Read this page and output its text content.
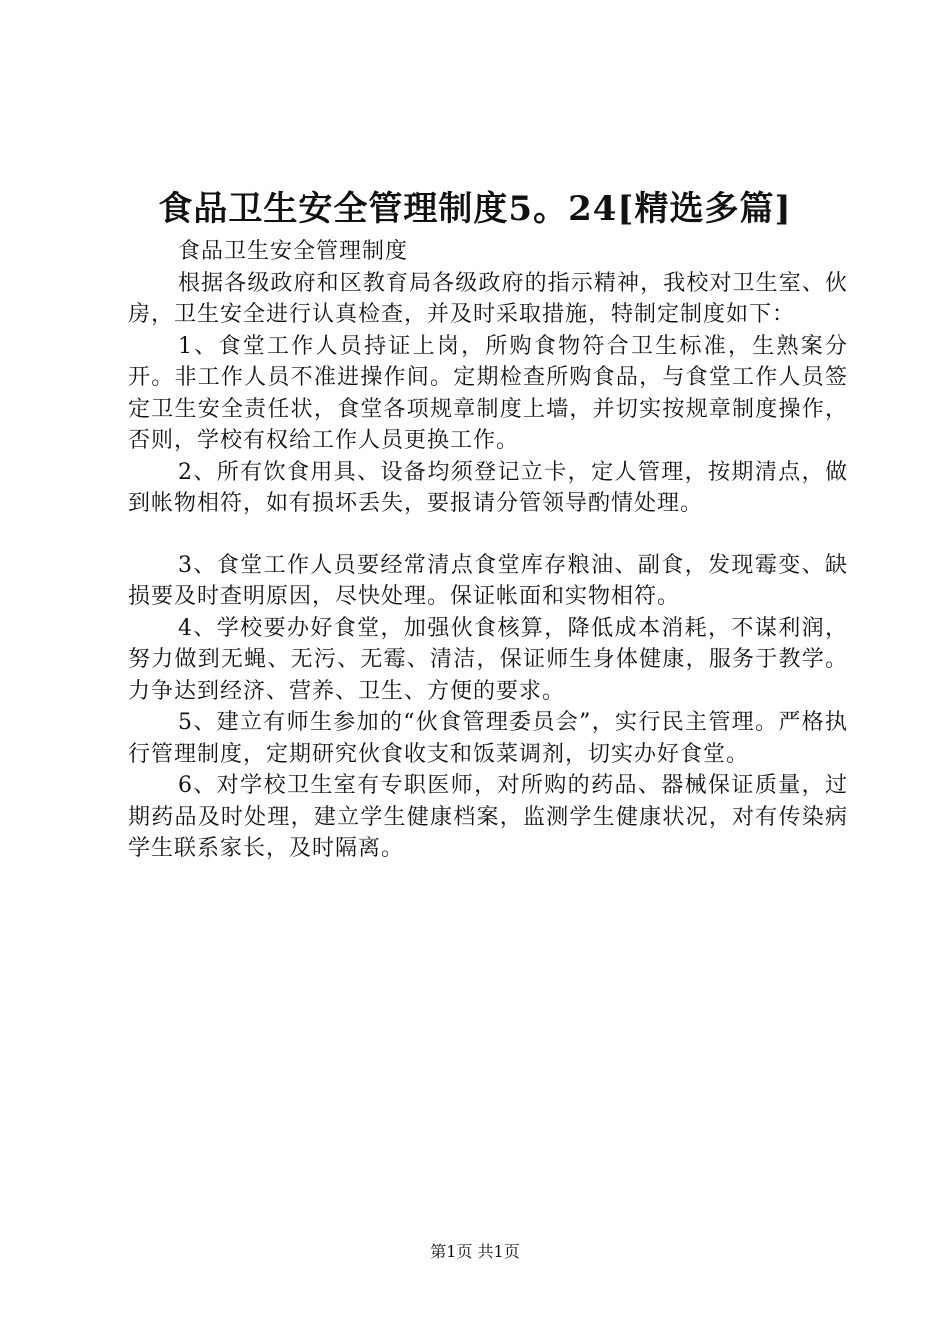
食品卫生安全管理制度5。24[精选多篇]

食品卫生安全管理制度

根据各级政府和区教育局各级政府的指示精神，我校对卫生室、伙房，卫生安全进行认真检查，并及时采取措施，特制定制度如下：

1、食堂工作人员持证上岗，所购食物符合卫生标准，生熟案分开。非工作人员不准进操作间。定期检查所购食品，与食堂工作人员签定卫生安全责任状，食堂各项规章制度上墙，并切实按规章制度操作，否则，学校有权给工作人员更换工作。

2、所有饮食用具、设备均须登记立卡，定人管理，按期清点，做到帐物相符，如有损坏丢失，要报请分管领导酌情处理。

3、食堂工作人员要经常清点食堂库存粮油、副食，发现霉变、缺损要及时查明原因，尽快处理。保证帐面和实物相符。

4、学校要办好食堂，加强伙食核算，降低成本消耗，不谋利润，努力做到无蝇、无污、无霉、清洁，保证师生身体健康，服务于教学。力争达到经济、营养、卫生、方便的要求。

5、建立有师生参加的“伙食管理委员会”，实行民主管理。严格执行管理制度，定期研究伙食收支和饭菜调剂，切实办好食堂。

6、对学校卫生室有专职医师，对所购的药品、器械保证质量，过期药品及时处理，建立学生健康档案，监测学生健康状况，对有传染病学生联系家长，及时隔离。

第1页 共1页
